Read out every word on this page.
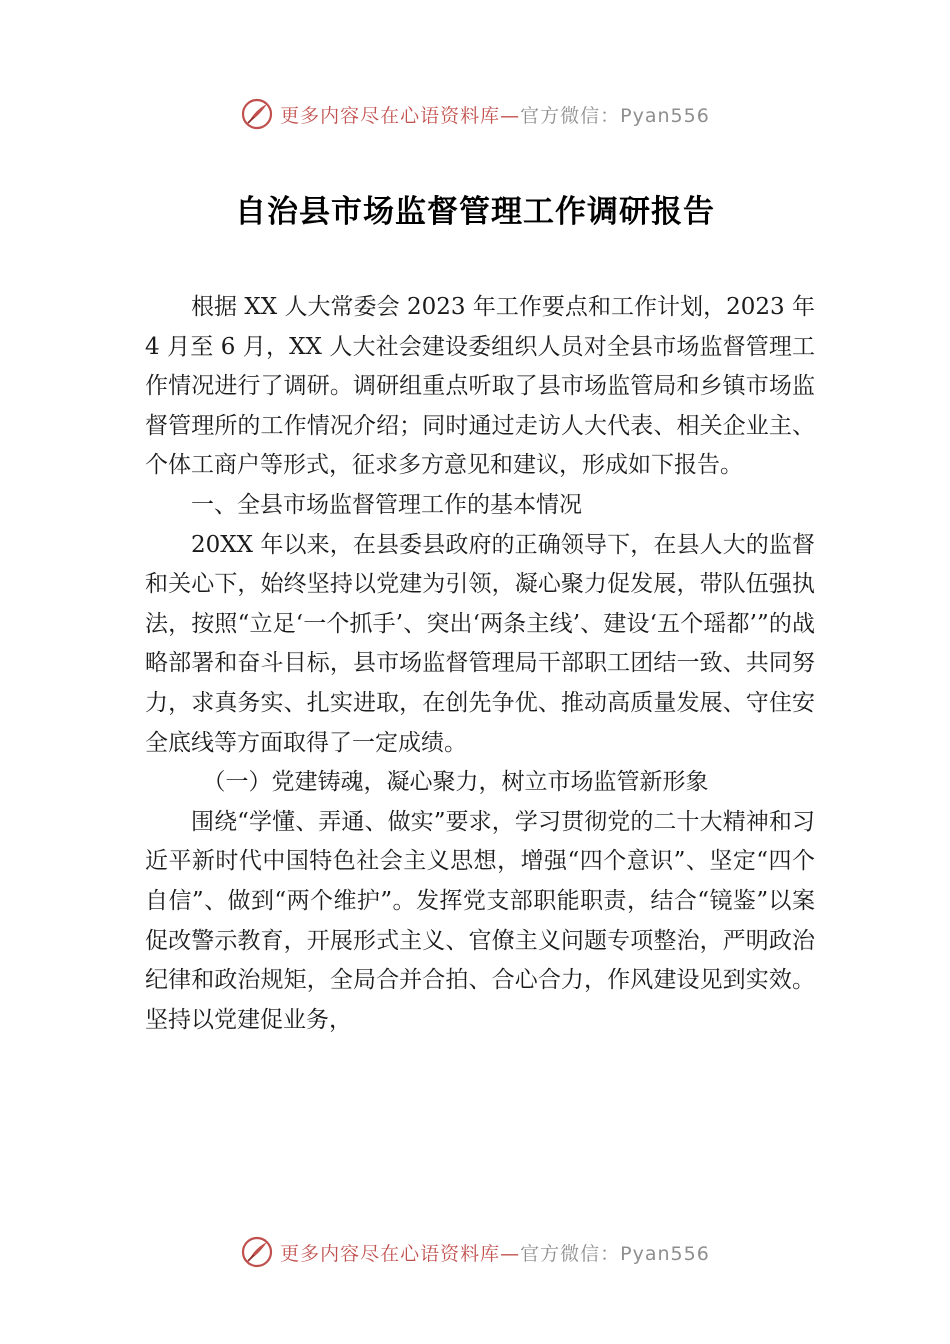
更多内容尽在心语资料库—官方微信：Pyan556
自治县市场监督管理工作调研报告

根据 XX 人大常委会 2023 年工作要点和工作计划，2023 年 4 月至 6 月，XX 人大社会建设委组织人员对全县市场监督管理工作情况进行了调研。调研组重点听取了县市场监管局和乡镇市场监督管理所的工作情况介绍；同时通过走访人大代表、相关企业主、个体工商户等形式，征求多方意见和建议，形成如下报告。

一、全县市场监督管理工作的基本情况

20XX 年以来，在县委县政府的正确领导下，在县人大的监督和关心下，始终坚持以党建为引领，凝心聚力促发展，带队伍强执法，按照“立足‘一个抓手’、突出‘两条主线’、建设‘五个瑶都’”的战略部署和奋斗目标，县市场监督管理局干部职工团结一致、共同努力，求真务实、扎实进取，在创先争优、推动高质量发展、守住安全底线等方面取得了一定成绩。

（一）党建铸魂，凝心聚力，树立市场监管新形象

围绕“学懂、弄通、做实”要求，学习贯彻党的二十大精神和习近平新时代中国特色社会主义思想，增强“四个意识”、坚定“四个自信”、做到“两个维护”。发挥党支部职能职责，结合“镜鉴”以案促改警示教育，开展形式主义、官僚主义问题专项整治，严明政治纪律和政治规矩，全局合并合拍、合心合力，作风建设见到实效。坚持以党建促业务，

更多内容尽在心语资料库—官方微信：Pyan556
